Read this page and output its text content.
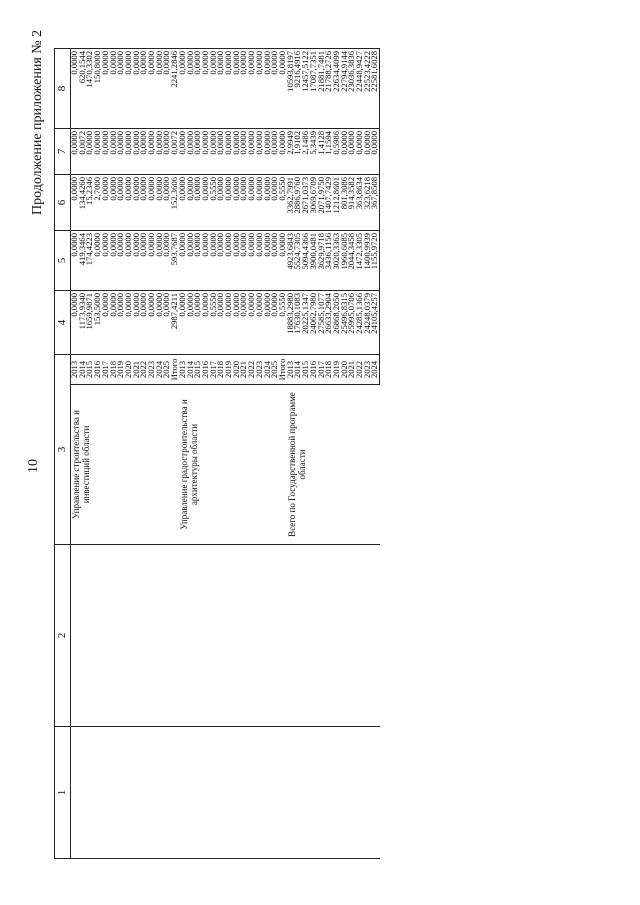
10
Продолжение приложения № 2
1	2	3		4	5	6	7	8
		Управление строительства и инвестиций области	2013	0,0000	0,0000	0,0000	0,0000	0,0000
			2014	1173,9340	419,3464	134,4260	0,0072	620,1544
			2015	1659,9871	174,4223	15,2346	0,0000	1470,3302
			2016	153,5000	0,0000	2,7000	0,0000	150,8000
			2017	0,0000	0,0000	0,0000	0,0000	0,0000
			2018	0,0000	0,0000	0,0000	0,0000	0,0000
			2019	0,0000	0,0000	0,0000	0,0000	0,0000
			2020	0,0000	0,0000	0,0000	0,0000	0,0000
			2021	0,0000	0,0000	0,0000	0,0000	0,0000
			2022	0,0000	0,0000	0,0000	0,0000	0,0000
			2023	0,0000	0,0000	0,0000	0,0000	0,0000
			2024	0,0000	0,0000	0,0000	0,0000	0,0000
			2025	0,0000	0,0000	0,0000	0,0000	0,0000

			Итого	2987,4211	593,7687	152,3606	0,0072	2241,2846
		Управление градостроительства и архитектуры области	2013	0,0000	0,0000	0,0000	0,0000	0,0000
			2014	0,0000	0,0000	0,0000	0,0000	0,0000
			2015	0,0000	0,0000	0,0000	0,0000	0,0000
			2016	0,0000	0,0000	0,0000	0,0000	0,0000
			2017	0,5550	0,0000	0,5550	0,0000	0,0000
			2018	0,0000	0,0000	0,0000	0,0000	0,0000
			2019	0,0000	0,0000	0,0000	0,0000	0,0000
			2020	0,0000	0,0000	0,0000	0,0000	0,0000
			2021	0,0000	0,0000	0,0000	0,0000	0,0000
			2022	0,0000	0,0000	0,0000	0,0000	0,0000
			2023	0,0000	0,0000	0,0000	0,0000	0,0000
			2024	0,0000	0,0000	0,0000	0,0000	0,0000
			2025	0,0000	0,0000	0,0000	0,0000	0,0000
			Итого	0,5550	0,0000	0,5550	0,0000	0,0000
		Всего по Государственной программе области	2013	18883,2980	4923,6843	3362,7991	2,9949	10593,8197
			2014	17630,1083	5524,7305	2886,9760	1,9102	9216,4916
			2015	20225,1347	5094,4366	2671,0373	2,1486	12457,5122
			2016	24062,7980	3900,0481	3069,6709	5,3439	17087,7351
			2017	27585,1077	3629,9718	2071,9750	1,4128	21881,7481
			2018	26633,2904	3436,1156	1407,7429	1,1594	21788,2726
			2019	26868,2050	3020,3363	1212,8601	0,5986	22634,4099
			2020	25496,8315	1960,6085	801,3086	0,0000	22794,9144
			2021	25995,0706	2044,3458	914,3582	0,0000	23036,3836
			2022	24285,1366	1472,3305	363,8634	0,0000	22448,9427
			2023	24248,0379	1400,9939	323,6218	0,0000	22523,4222
			2024	24105,4257	1155,9720	367,8508	0,0000	22581,6028
